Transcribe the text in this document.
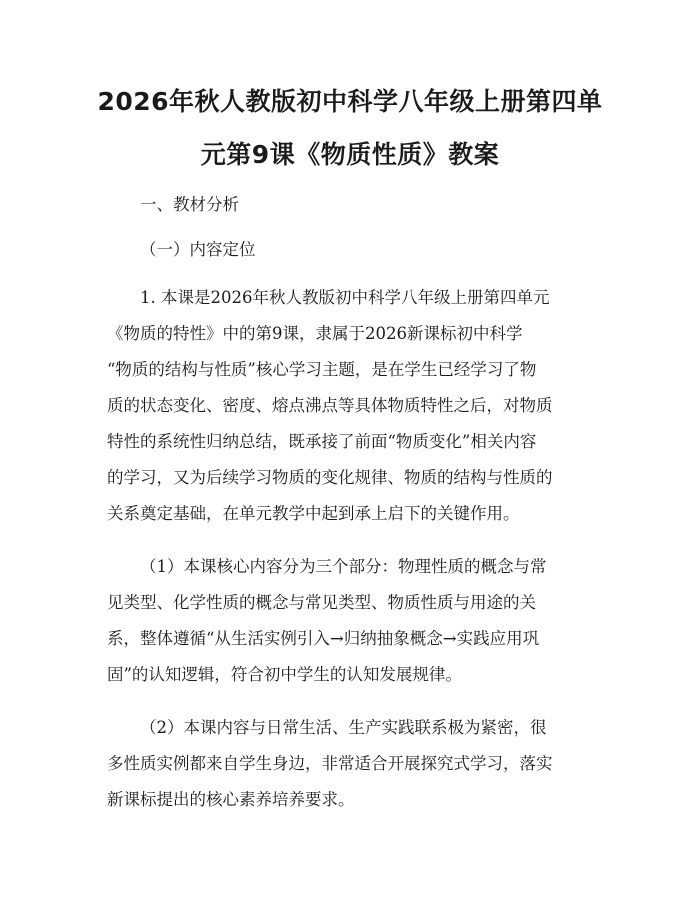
2026年秋人教版初中科学八年级上册第四单
元第9课《物质性质》教案
一、教材分析
（一）内容定位
1. 本课是2026年秋人教版初中科学八年级上册第四单元
《物质的特性》中的第9课，隶属于2026新课标初中科学
“物质的结构与性质”核心学习主题，是在学生已经学习了物
质的状态变化、密度、熔点沸点等具体物质特性之后，对物质
特性的系统性归纳总结，既承接了前面“物质变化”相关内容
的学习，又为后续学习物质的变化规律、物质的结构与性质的
关系奠定基础，在单元教学中起到承上启下的关键作用。
（1）本课核心内容分为三个部分：物理性质的概念与常
见类型、化学性质的概念与常见类型、物质性质与用途的关
系，整体遵循“从生活实例引入→归纳抽象概念→实践应用巩
固”的认知逻辑，符合初中学生的认知发展规律。
（2）本课内容与日常生活、生产实践联系极为紧密，很
多性质实例都来自学生身边，非常适合开展探究式学习，落实
新课标提出的核心素养培养要求。
